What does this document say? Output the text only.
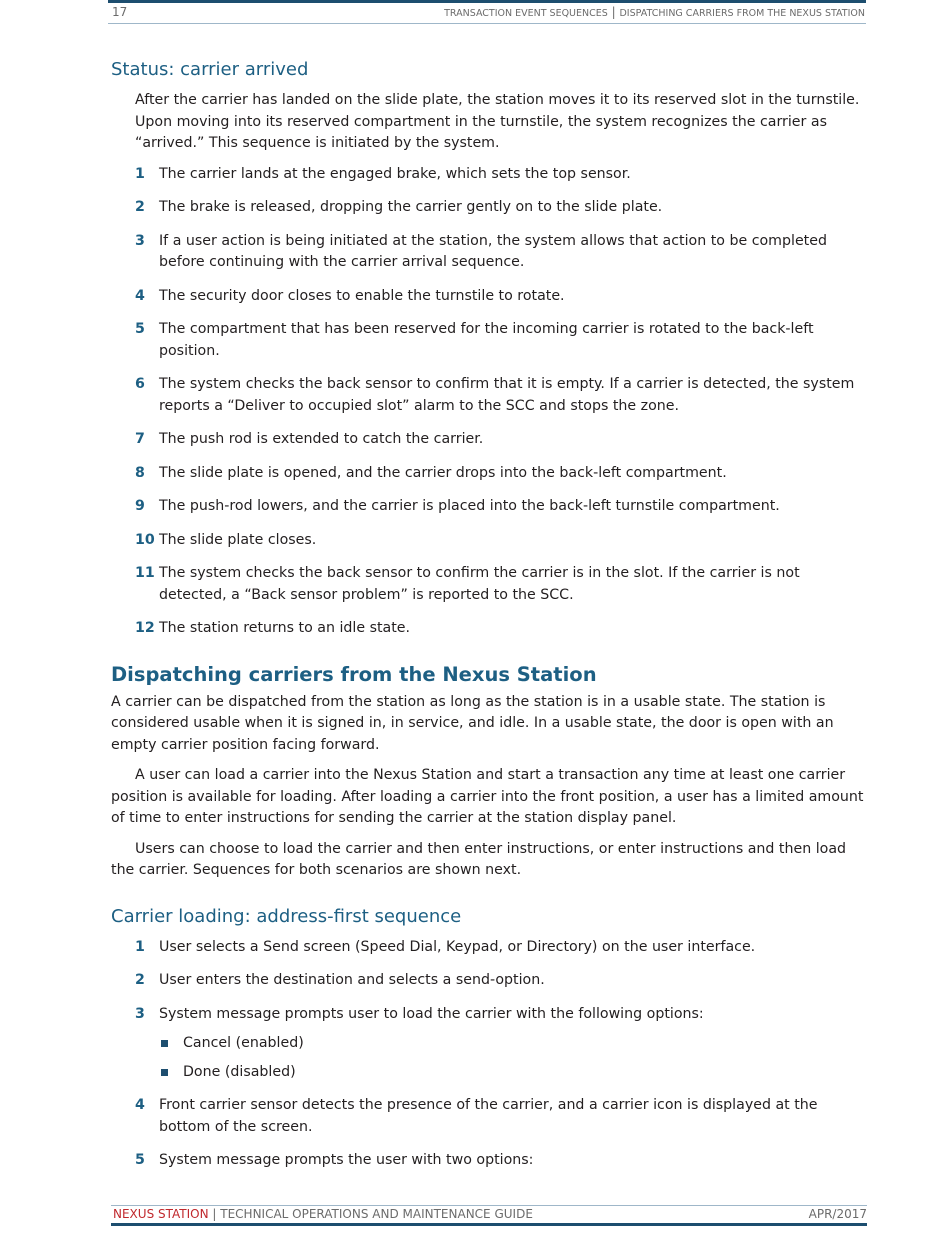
17	TRANSACTION EVENT SEQUENCES | DISPATCHING CARRIERS FROM THE NEXUS STATION
Status: carrier arrived

After the carrier has landed on the slide plate, the station moves it to its reserved slot in the turnstile. Upon moving into its reserved compartment in the turnstile, the system recognizes the carrier as “arrived.” This sequence is initiated by the system.

1 The carrier lands at the engaged brake, which sets the top sensor.
2 The brake is released, dropping the carrier gently on to the slide plate.
3 If a user action is being initiated at the station, the system allows that action to be completed before continuing with the carrier arrival sequence.
4 The security door closes to enable the turnstile to rotate.
5 The compartment that has been reserved for the incoming carrier is rotated to the back-left position.
6 The system checks the back sensor to confirm that it is empty. If a carrier is detected, the system reports a “Deliver to occupied slot” alarm to the SCC and stops the zone.
7 The push rod is extended to catch the carrier.
8 The slide plate is opened, and the carrier drops into the back-left compartment.
9 The push-rod lowers, and the carrier is placed into the back-left turnstile compartment.
10 The slide plate closes.
11 The system checks the back sensor to confirm the carrier is in the slot. If the carrier is not detected, a “Back sensor problem” is reported to the SCC.
12 The station returns to an idle state.
Dispatching carriers from the Nexus Station

A carrier can be dispatched from the station as long as the station is in a usable state. The station is considered usable when it is signed in, in service, and idle. In a usable state, the door is open with an empty carrier position facing forward.

A user can load a carrier into the Nexus Station and start a transaction any time at least one carrier position is available for loading. After loading a carrier into the front position, a user has a limited amount of time to enter instructions for sending the carrier at the station display panel.

Users can choose to load the carrier and then enter instructions, or enter instructions and then load the carrier. Sequences for both scenarios are shown next.

Carrier loading: address-first sequence
1 User selects a Send screen (Speed Dial, Keypad, or Directory) on the user interface.
2 User enters the destination and selects a send-option.
3 System message prompts user to load the carrier with the following options:
Cancel (enabled)
Done (disabled)
4 Front carrier sensor detects the presence of the carrier, and a carrier icon is displayed at the bottom of the screen.
5 System message prompts the user with two options:
NEXUS STATION | TECHNICAL OPERATIONS AND MAINTENANCE GUIDE	APR/2017
